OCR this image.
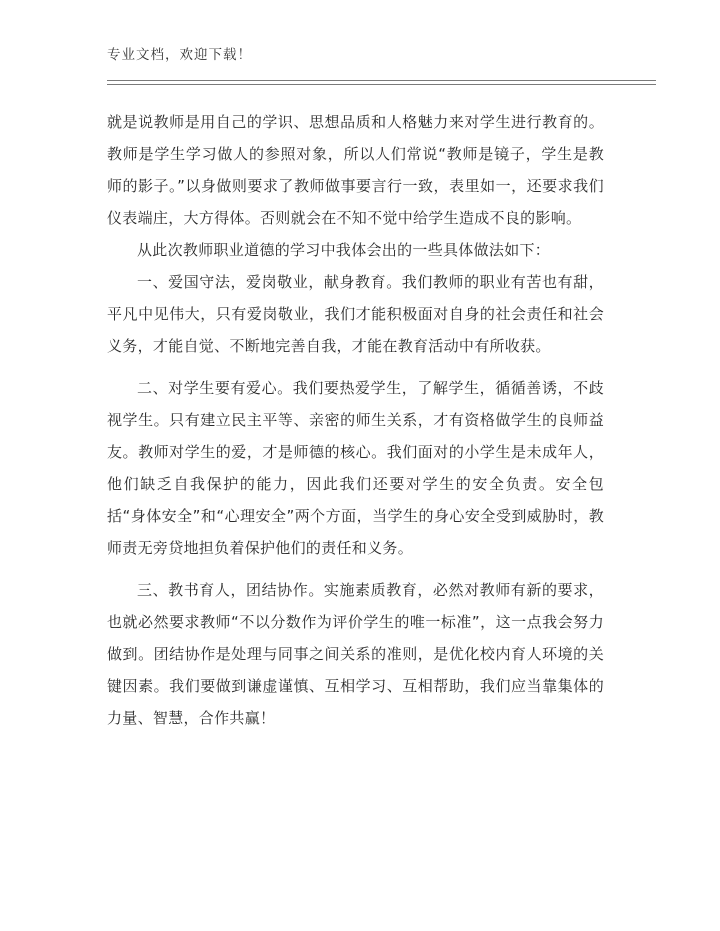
专业文档，欢迎下载！

就是说教师是用自己的学识、思想品质和人格魅力来对学生进行教育的。教师是学生学习做人的参照对象，所以人们常说“教师是镜子，学生是教师的影子。”以身做则要求了教师做事要言行一致，表里如一，还要求我们仪表端庄，大方得体。否则就会在不知不觉中给学生造成不良的影响。

从此次教师职业道德的学习中我体会出的一些具体做法如下：

一、爱国守法，爱岗敬业，献身教育。我们教师的职业有苦也有甜，平凡中见伟大，只有爱岗敬业，我们才能积极面对自身的社会责任和社会义务，才能自觉、不断地完善自我，才能在教育活动中有所收获。

二、对学生要有爱心。我们要热爱学生，了解学生，循循善诱，不歧视学生。只有建立民主平等、亲密的师生关系，才有资格做学生的良师益友。教师对学生的爱，才是师德的核心。我们面对的小学生是未成年人，他们缺乏自我保护的能力，因此我们还要对学生的安全负责。安全包括“身体安全”和“心理安全”两个方面，当学生的身心安全受到威胁时，教师责无旁贷地担负着保护他们的责任和义务。

三、教书育人，团结协作。实施素质教育，必然对教师有新的要求，也就必然要求教师“不以分数作为评价学生的唯一标准”，这一点我会努力做到。团结协作是处理与同事之间关系的准则，是优化校内育人环境的关键因素。我们要做到谦虚谨慎、互相学习、互相帮助，我们应当靠集体的力量、智慧，合作共赢！
